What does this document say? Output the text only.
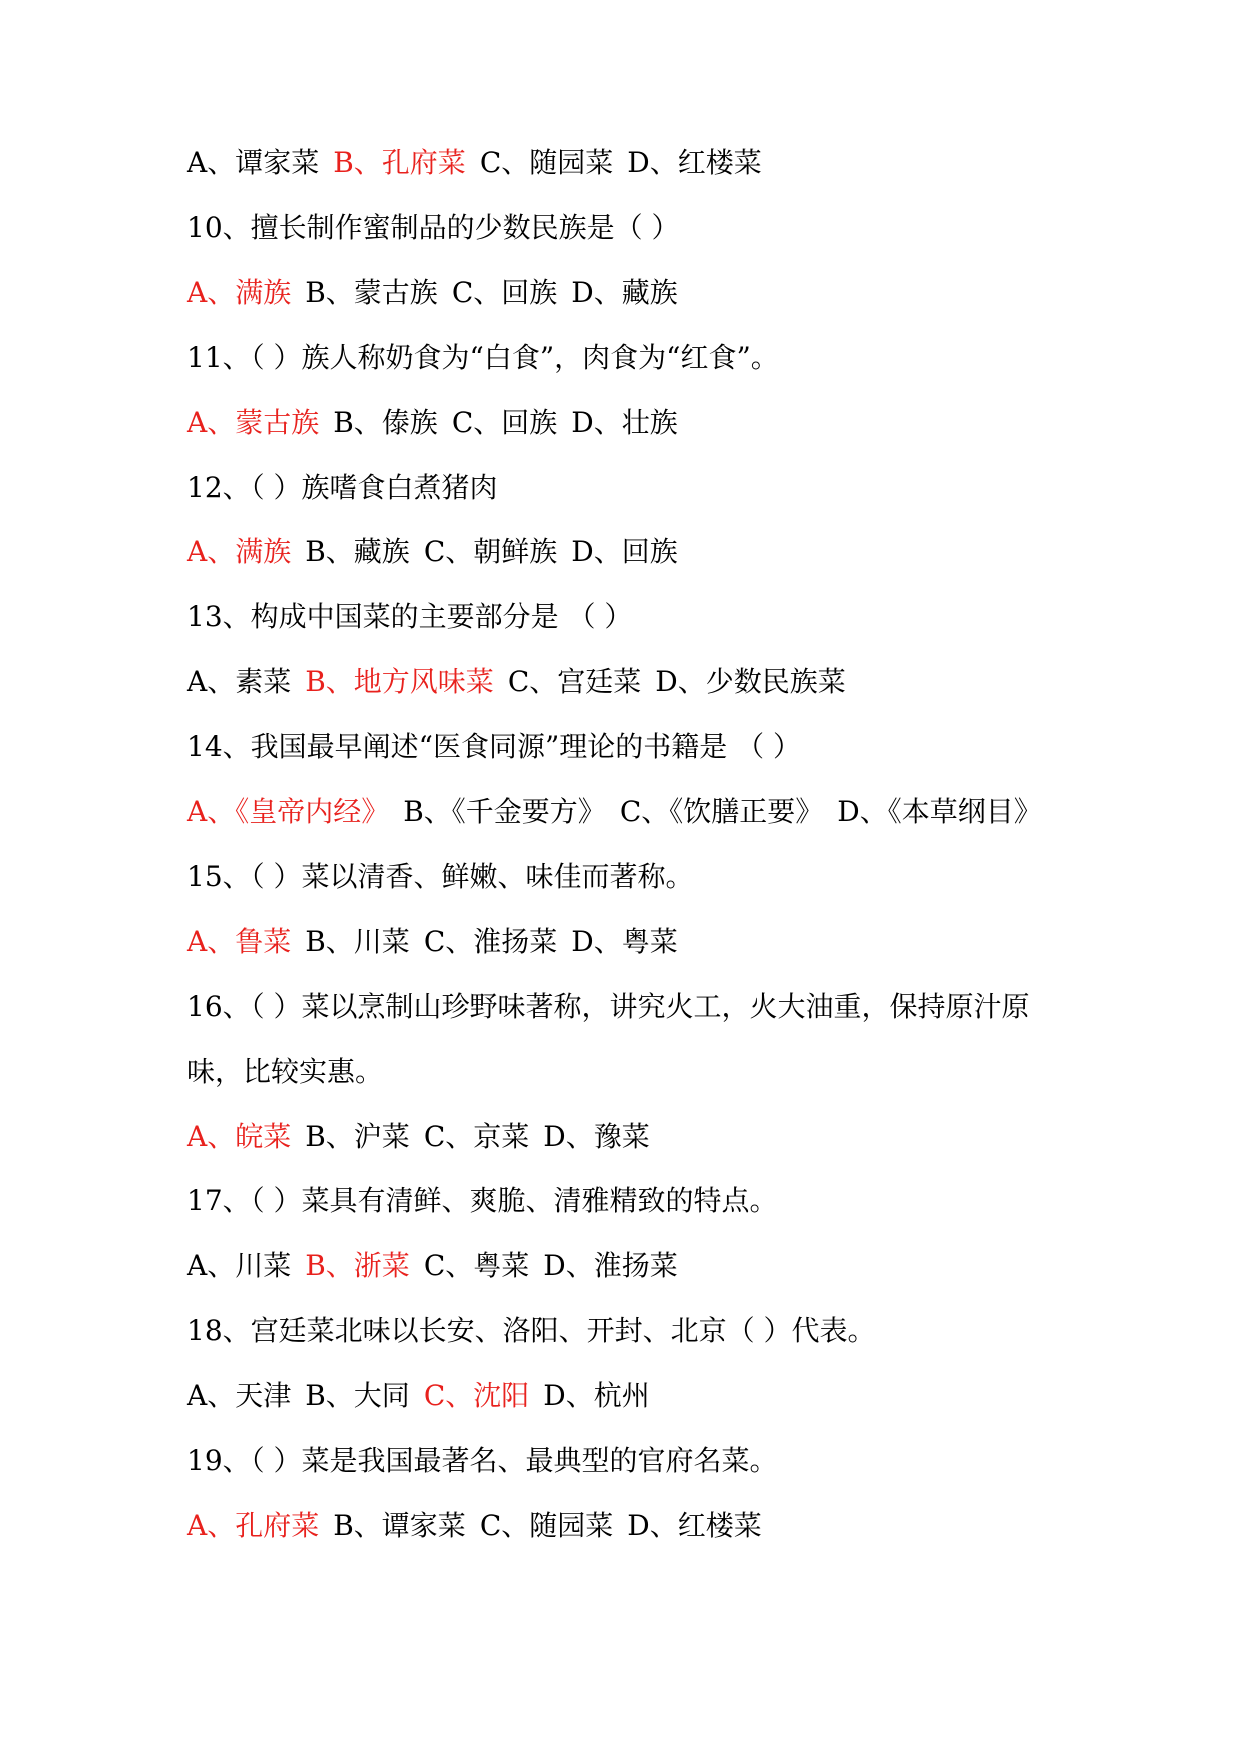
A、谭家菜 B、孔府菜 C、随园菜 D、红楼菜
10、擅长制作蜜制品的少数民族是（ ）
A、满族 B、蒙古族 C、回族 D、藏族
11、（ ）族人称奶食为“白食”，肉食为“红食”。
A、蒙古族 B、傣族 C、回族 D、壮族
12、（ ）族嗜食白煮猪肉
A、满族 B、藏族 C、朝鲜族 D、回族
13、构成中国菜的主要部分是 （ ）
A、素菜 B、地方风味菜 C、宫廷菜 D、少数民族菜
14、我国最早阐述“医食同源”理论的书籍是 （ ）
A、《皇帝内经》 B、《千金要方》 C、《饮膳正要》 D、《本草纲目》
15、（ ）菜以清香、鲜嫩、味佳而著称。
A、鲁菜 B、川菜 C、淮扬菜 D、粤菜
16、（ ）菜以烹制山珍野味著称，讲究火工，火大油重，保持原汁原
味，比较实惠。
A、皖菜 B、沪菜 C、京菜 D、豫菜
17、（ ）菜具有清鲜、爽脆、清雅精致的特点。
A、川菜 B、浙菜 C、粤菜 D、淮扬菜
18、宫廷菜北味以长安、洛阳、开封、北京（ ）代表。
A、天津 B、大同 C、沈阳 D、杭州
19、（ ）菜是我国最著名、最典型的官府名菜。
A、孔府菜 B、谭家菜 C、随园菜 D、红楼菜
